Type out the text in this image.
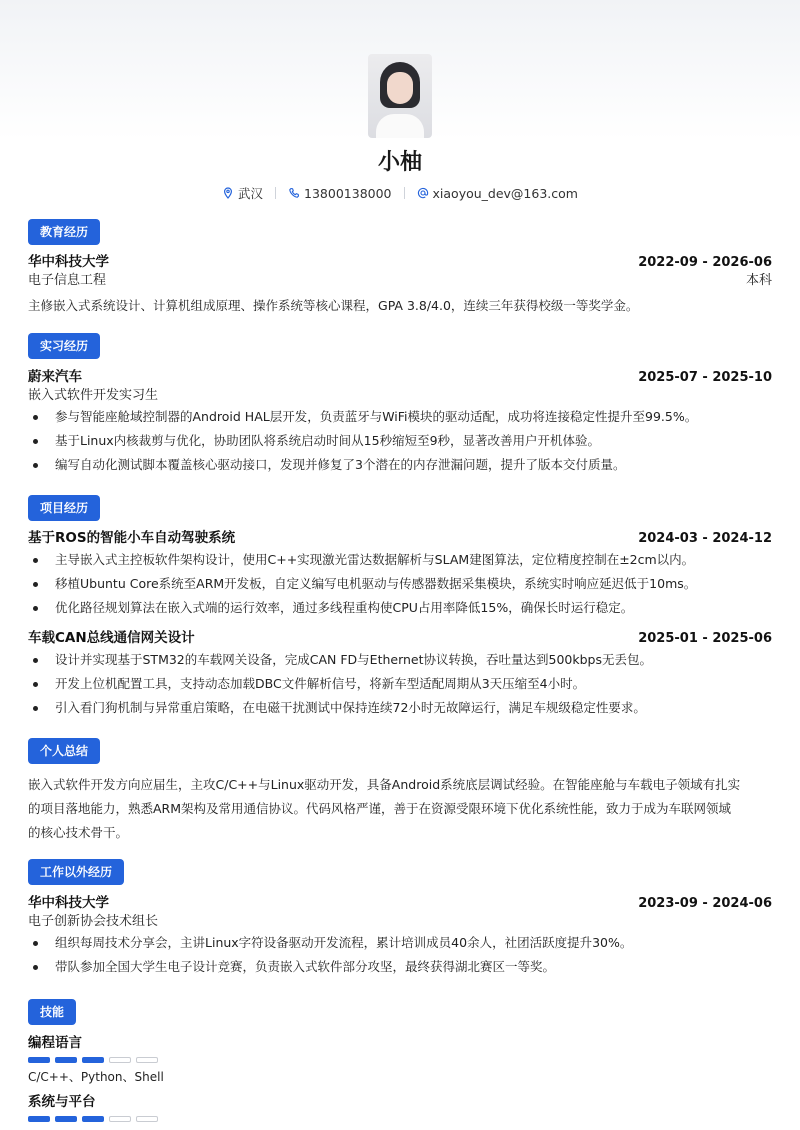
小柚
武汉	13800138000	xiaoyou_dev@163.com
教育经历
华中科技大学	2022-09 - 2026-06
电子信息工程	本科
主修嵌入式系统设计、计算机组成原理、操作系统等核心课程，GPA 3.8/4.0，连续三年获得校级一等奖学金。
实习经历
蔚来汽车	2025-07 - 2025-10
嵌入式软件开发实习生
参与智能座舱域控制器的Android HAL层开发，负责蓝牙与WiFi模块的驱动适配，成功将连接稳定性提升至99.5%。
基于Linux内核裁剪与优化，协助团队将系统启动时间从15秒缩短至9秒，显著改善用户开机体验。
编写自动化测试脚本覆盖核心驱动接口，发现并修复了3个潜在的内存泄漏问题，提升了版本交付质量。
项目经历
基于ROS的智能小车自动驾驶系统	2024-03 - 2024-12
主导嵌入式主控板软件架构设计，使用C++实现激光雷达数据解析与SLAM建图算法，定位精度控制在±2cm以内。
移植Ubuntu Core系统至ARM开发板，自定义编写电机驱动与传感器数据采集模块，系统实时响应延迟低于10ms。
优化路径规划算法在嵌入式端的运行效率，通过多线程重构使CPU占用率降低15%，确保长时运行稳定。
车载CAN总线通信网关设计	2025-01 - 2025-06
设计并实现基于STM32的车载网关设备，完成CAN FD与Ethernet协议转换，吞吐量达到500kbps无丢包。
开发上位机配置工具，支持动态加载DBC文件解析信号，将新车型适配周期从3天压缩至4小时。
引入看门狗机制与异常重启策略，在电磁干扰测试中保持连续72小时无故障运行，满足车规级稳定性要求。
个人总结
嵌入式软件开发方向应届生，主攻C/C++与Linux驱动开发，具备Android系统底层调试经验。在智能座舱与车载电子领域有扎实
的项目落地能力，熟悉ARM架构及常用通信协议。代码风格严谨，善于在资源受限环境下优化系统性能，致力于成为车联网领域
的核心技术骨干。
工作以外经历
华中科技大学	2023-09 - 2024-06
电子创新协会技术组长
组织每周技术分享会，主讲Linux字符设备驱动开发流程，累计培训成员40余人，社团活跃度提升30%。
带队参加全国大学生电子设计竞赛，负责嵌入式软件部分攻坚，最终获得湖北赛区一等奖。
技能
编程语言
C/C++、Python、Shell
系统与平台
